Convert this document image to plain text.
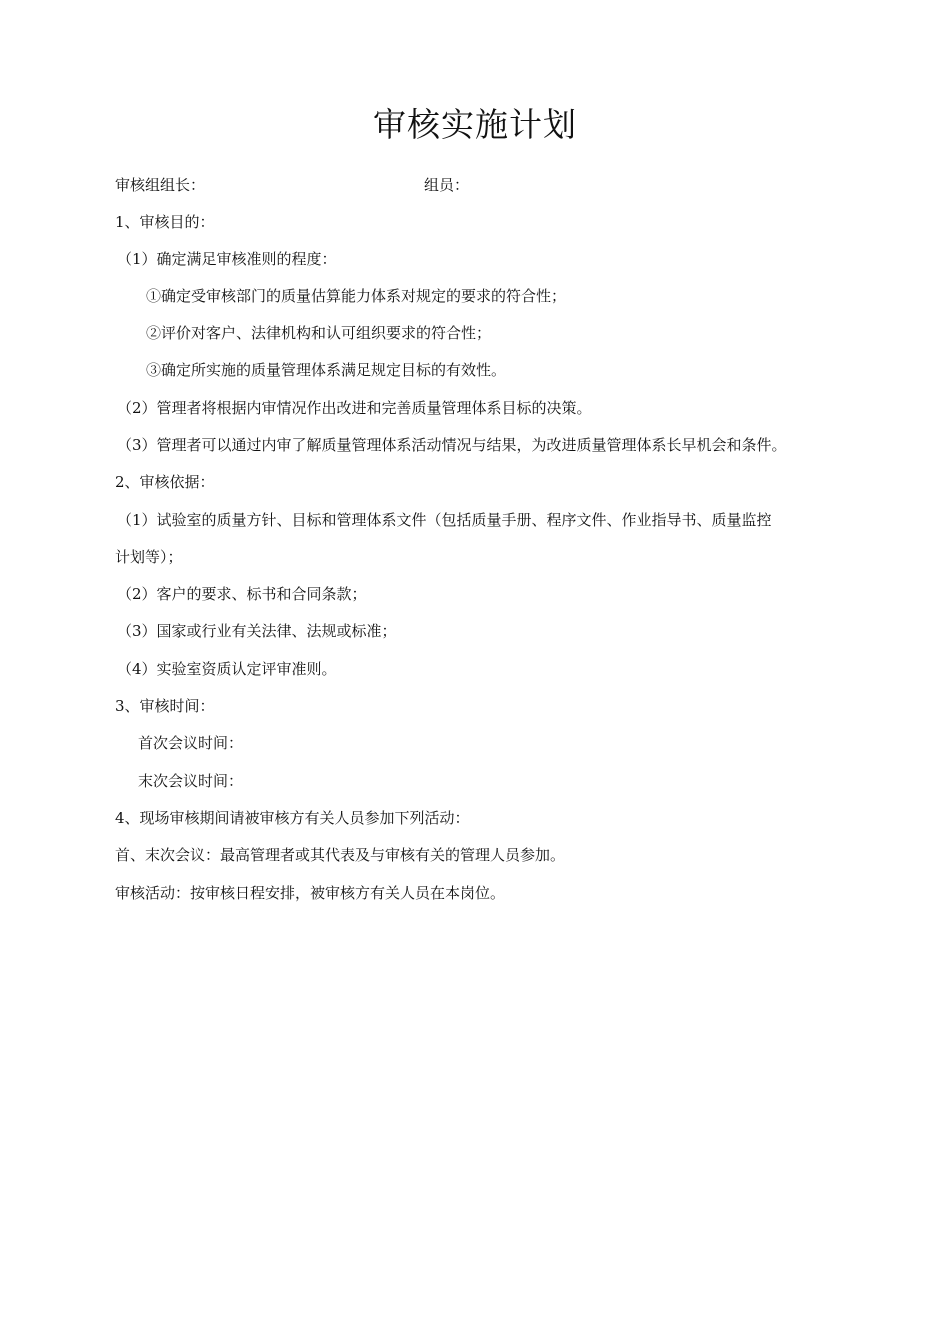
审核实施计划
审核组组长：	组员：
1、审核目的：
（1）确定满足审核准则的程度：
①确定受审核部门的质量估算能力体系对规定的要求的符合性；
②评价对客户、法律机构和认可组织要求的符合性；
③确定所实施的质量管理体系满足规定目标的有效性。
（2）管理者将根据内审情况作出改进和完善质量管理体系目标的决策。
（3）管理者可以通过内审了解质量管理体系活动情况与结果，为改进质量管理体系长早机会和条件。
2、审核依据：
（1）试验室的质量方针、目标和管理体系文件（包括质量手册、程序文件、作业指导书、质量监控
计划等）；
（2）客户的要求、标书和合同条款；
（3）国家或行业有关法律、法规或标准；
（4）实验室资质认定评审准则。
3、审核时间：
首次会议时间：
末次会议时间：
4、现场审核期间请被审核方有关人员参加下列活动：
首、末次会议：最高管理者或其代表及与审核有关的管理人员参加。
审核活动：按审核日程安排，被审核方有关人员在本岗位。
